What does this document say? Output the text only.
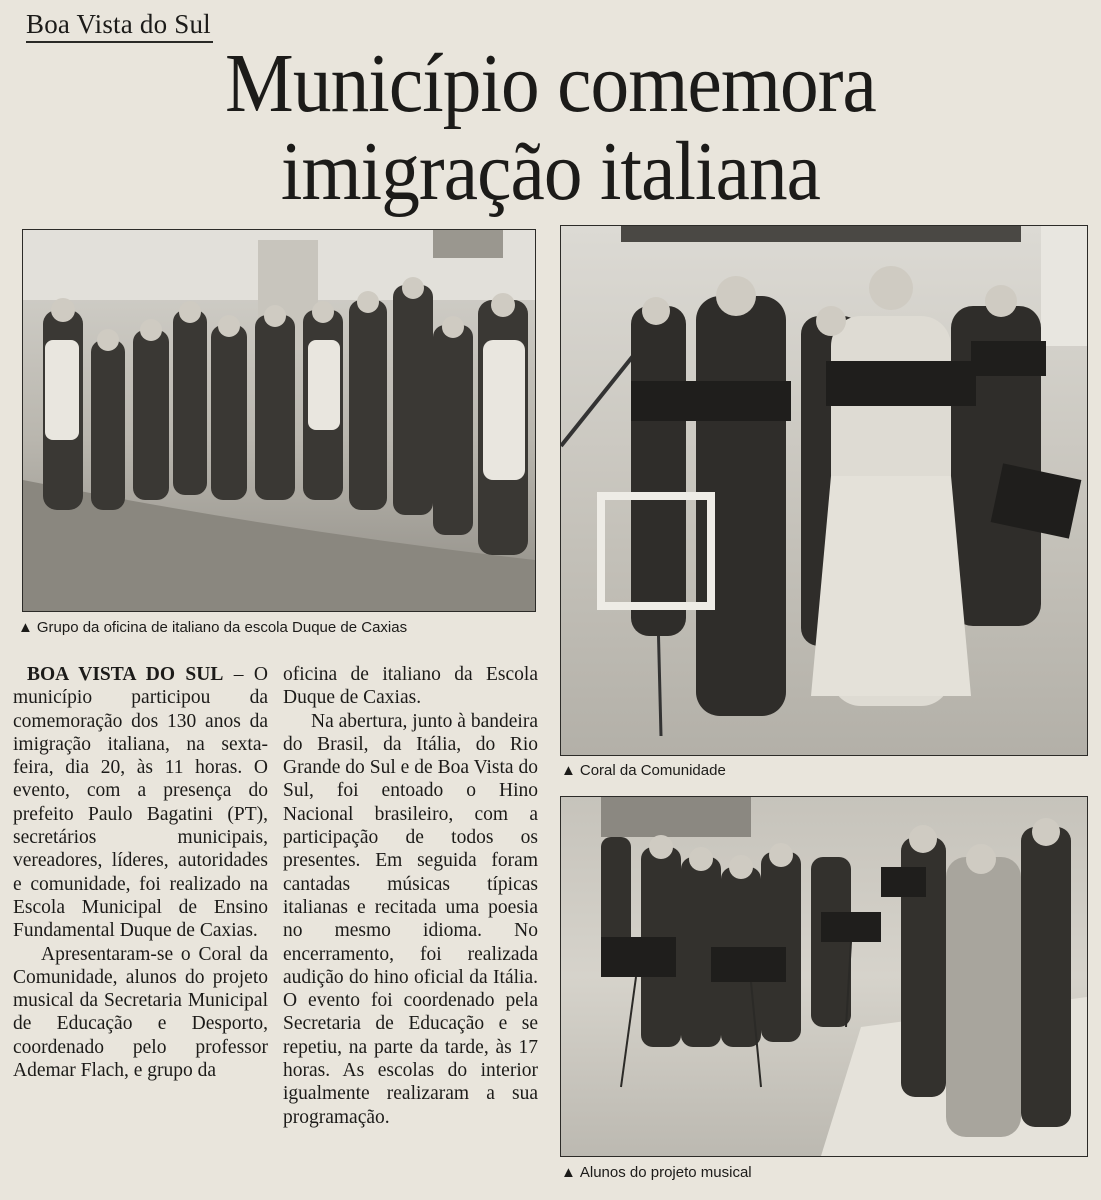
Boa Vista do Sul
Município comemora
imigração italiana
▲ Grupo da oficina de italiano da escola Duque de Caxias
▲ Coral da Comunidade
▲ Alunos do projeto musical

BOA VISTA DO SUL – O município participou da comemoração dos 130 anos da imigração italiana, na sexta-feira, dia 20, às 11 horas. O evento, com a presença do prefeito Paulo Bagatini (PT), secretários municipais, vereadores, líderes, autoridades e comunidade, foi realizado na Escola Municipal de Ensino Fundamental Duque de Caxias.

Apresentaram-se o Coral da Comunidade, alunos do projeto musical da Secretaria Municipal de Educação e Desporto, coordenado pelo professor Ademar Flach, e grupo da

oficina de italiano da Escola Duque de Caxias.

Na abertura, junto à bandeira do Brasil, da Itália, do Rio Grande do Sul e de Boa Vista do Sul, foi entoado o Hino Nacional brasileiro, com a participação de todos os presentes. Em seguida foram cantadas músicas típicas italianas e recitada uma poesia no mesmo idioma. No encerramento, foi realizada audição do hino oficial da Itália. O evento foi coordenado pela Secretaria de Educação e se repetiu, na parte da tarde, às 17 horas. As escolas do interior igualmente realizaram a sua programação.
